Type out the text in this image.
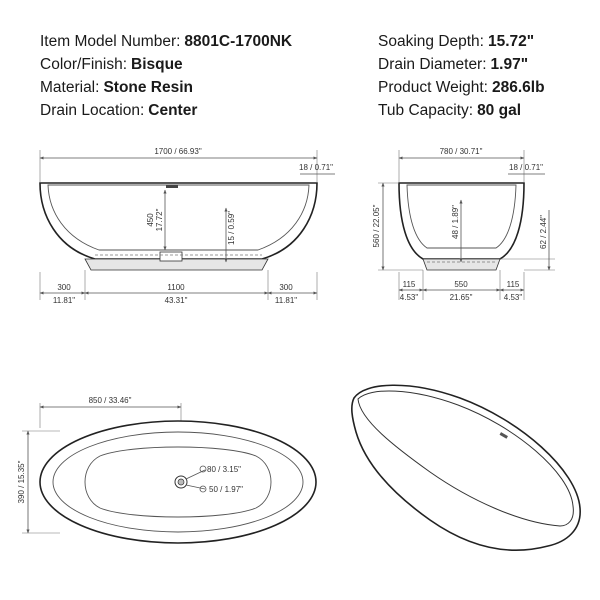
Item Model Number: 8801C-1700NK
Color/Finish: Bisque
Material: Stone Resin
Drain Location: Center
Soaking Depth: 15.72"
Drain Diameter: 1.97"
Product Weight: 286.6lb
Tub Capacity: 80 gal
1700 / 66.93"
18 / 0.71"
450 17.72"	15 / 0.59"
300
11.81"
1100
43.31"
300
11.81"
780 / 30.71"
18 / 0.71"
560 / 22.05"	48 / 1.89"	62 / 2.44"
115
4.53"
550
21.65"
115
4.53"
850 / 33.46"
390 / 15.35"	80 / 3.15"
50 / 1.97"
